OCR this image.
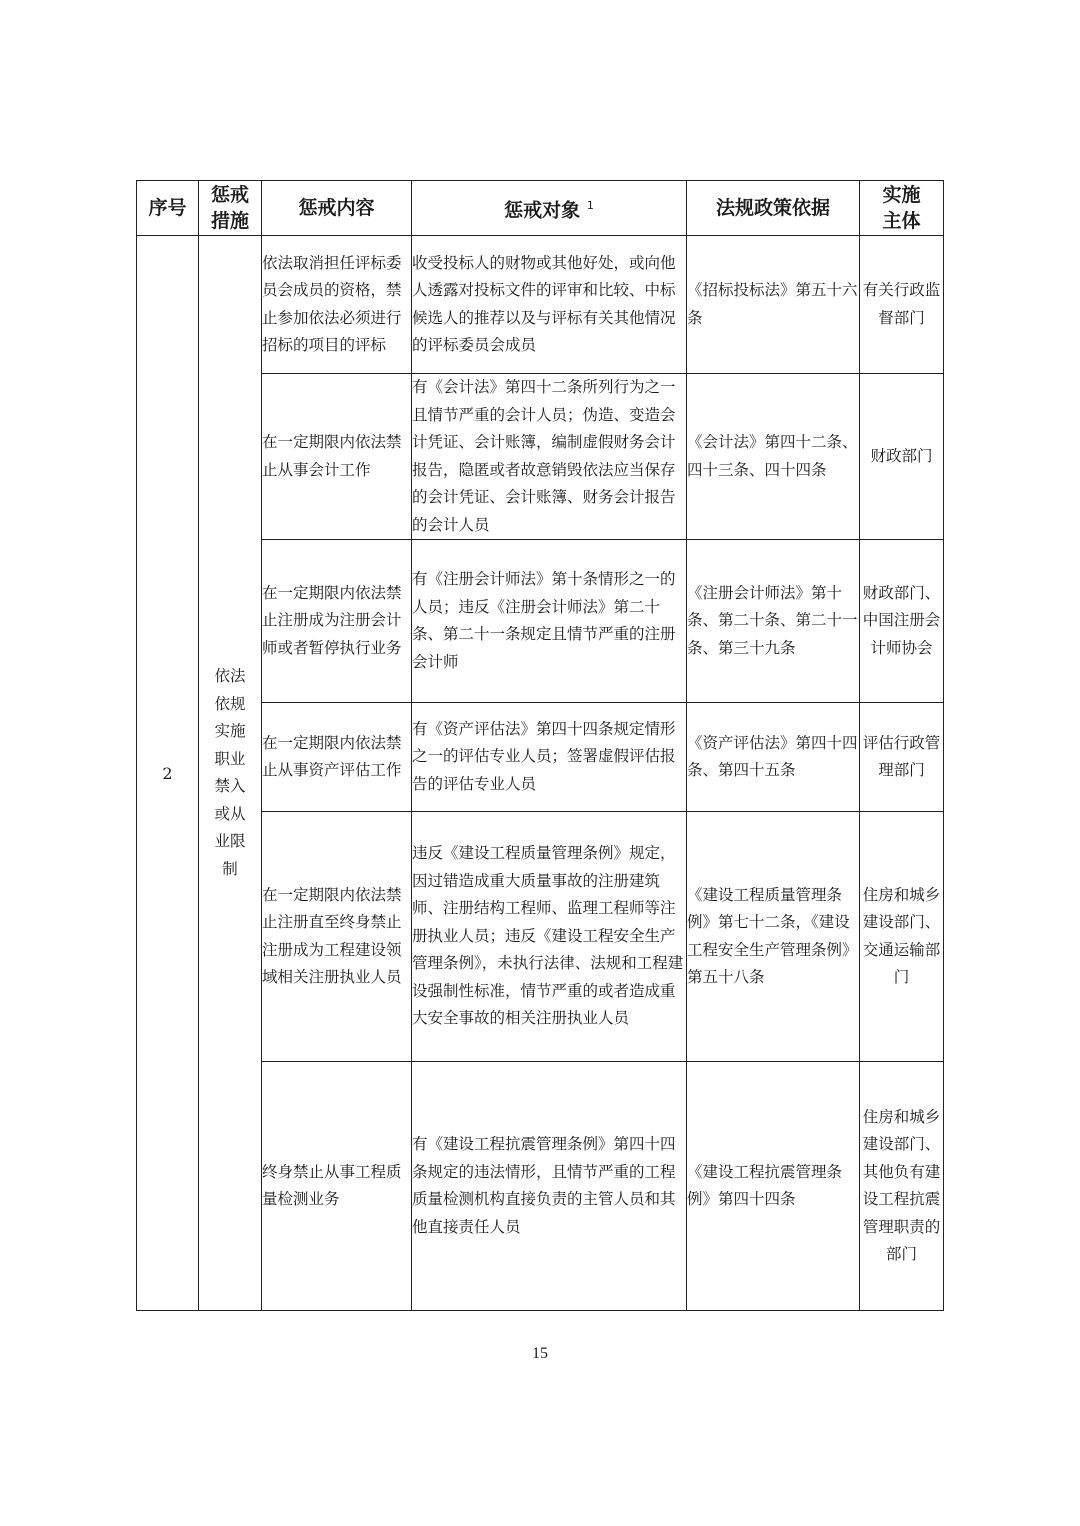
序号	惩戒措施	惩戒内容	惩戒对象 $^1$	法规政策依据	实施主体

2	依法依规实施职业禁入或从业限制	依法取消担任评标委员会成员的资格，禁止参加依法必须进行招标的项目的评标	收受投标人的财物或其他好处，或向他人透露对投标文件的评审和比较、中标候选人的推荐以及与评标有关其他情况的评标委员会成员	《招标投标法》第五十六条	有关行政监督部门
		在一定期限内依法禁止从事会计工作	有《会计法》第四十二条所列行为之一且情节严重的会计人员；伪造、变造会计凭证、会计账簿，编制虚假财务会计报告，隐匿或者故意销毁依法应当保存的会计凭证、会计账簿、财务会计报告的会计人员	《会计法》第四十二条、四十三条、四十四条	财政部门
		在一定期限内依法禁止注册成为注册会计师或者暂停执行业务	有《注册会计师法》第十条情形之一的人员；违反《注册会计师法》第二十条、第二十一条规定且情节严重的注册会计师	《注册会计师法》第十条、第二十条、第二十一条、第三十九条	财政部门、中国注册会计师协会
		在一定期限内依法禁止从事资产评估工作	有《资产评估法》第四十四条规定情形之一的评估专业人员；签署虚假评估报告的评估专业人员	《资产评估法》第四十四条、第四十五条	评估行政管理部门
		在一定期限内依法禁止注册直至终身禁止注册成为工程建设领域相关注册执业人员	违反《建设工程质量管理条例》规定，因过错造成重大质量事故的注册建筑师、注册结构工程师、监理工程师等注册执业人员；违反《建设工程安全生产管理条例》，未执行法律、法规和工程建设强制性标准，情节严重的或者造成重大安全事故的相关注册执业人员	《建设工程质量管理条例》第七十二条，《建设工程安全生产管理条例》第五十八条	住房和城乡建设部门、交通运输部门
		终身禁止从事工程质量检测业务	有《建设工程抗震管理条例》第四十四条规定的违法情形，且情节严重的工程质量检测机构直接负责的主管人员和其他直接责任人员	《建设工程抗震管理条例》第四十四条	住房和城乡建设部门、其他负有建设工程抗震管理职责的部门
15
